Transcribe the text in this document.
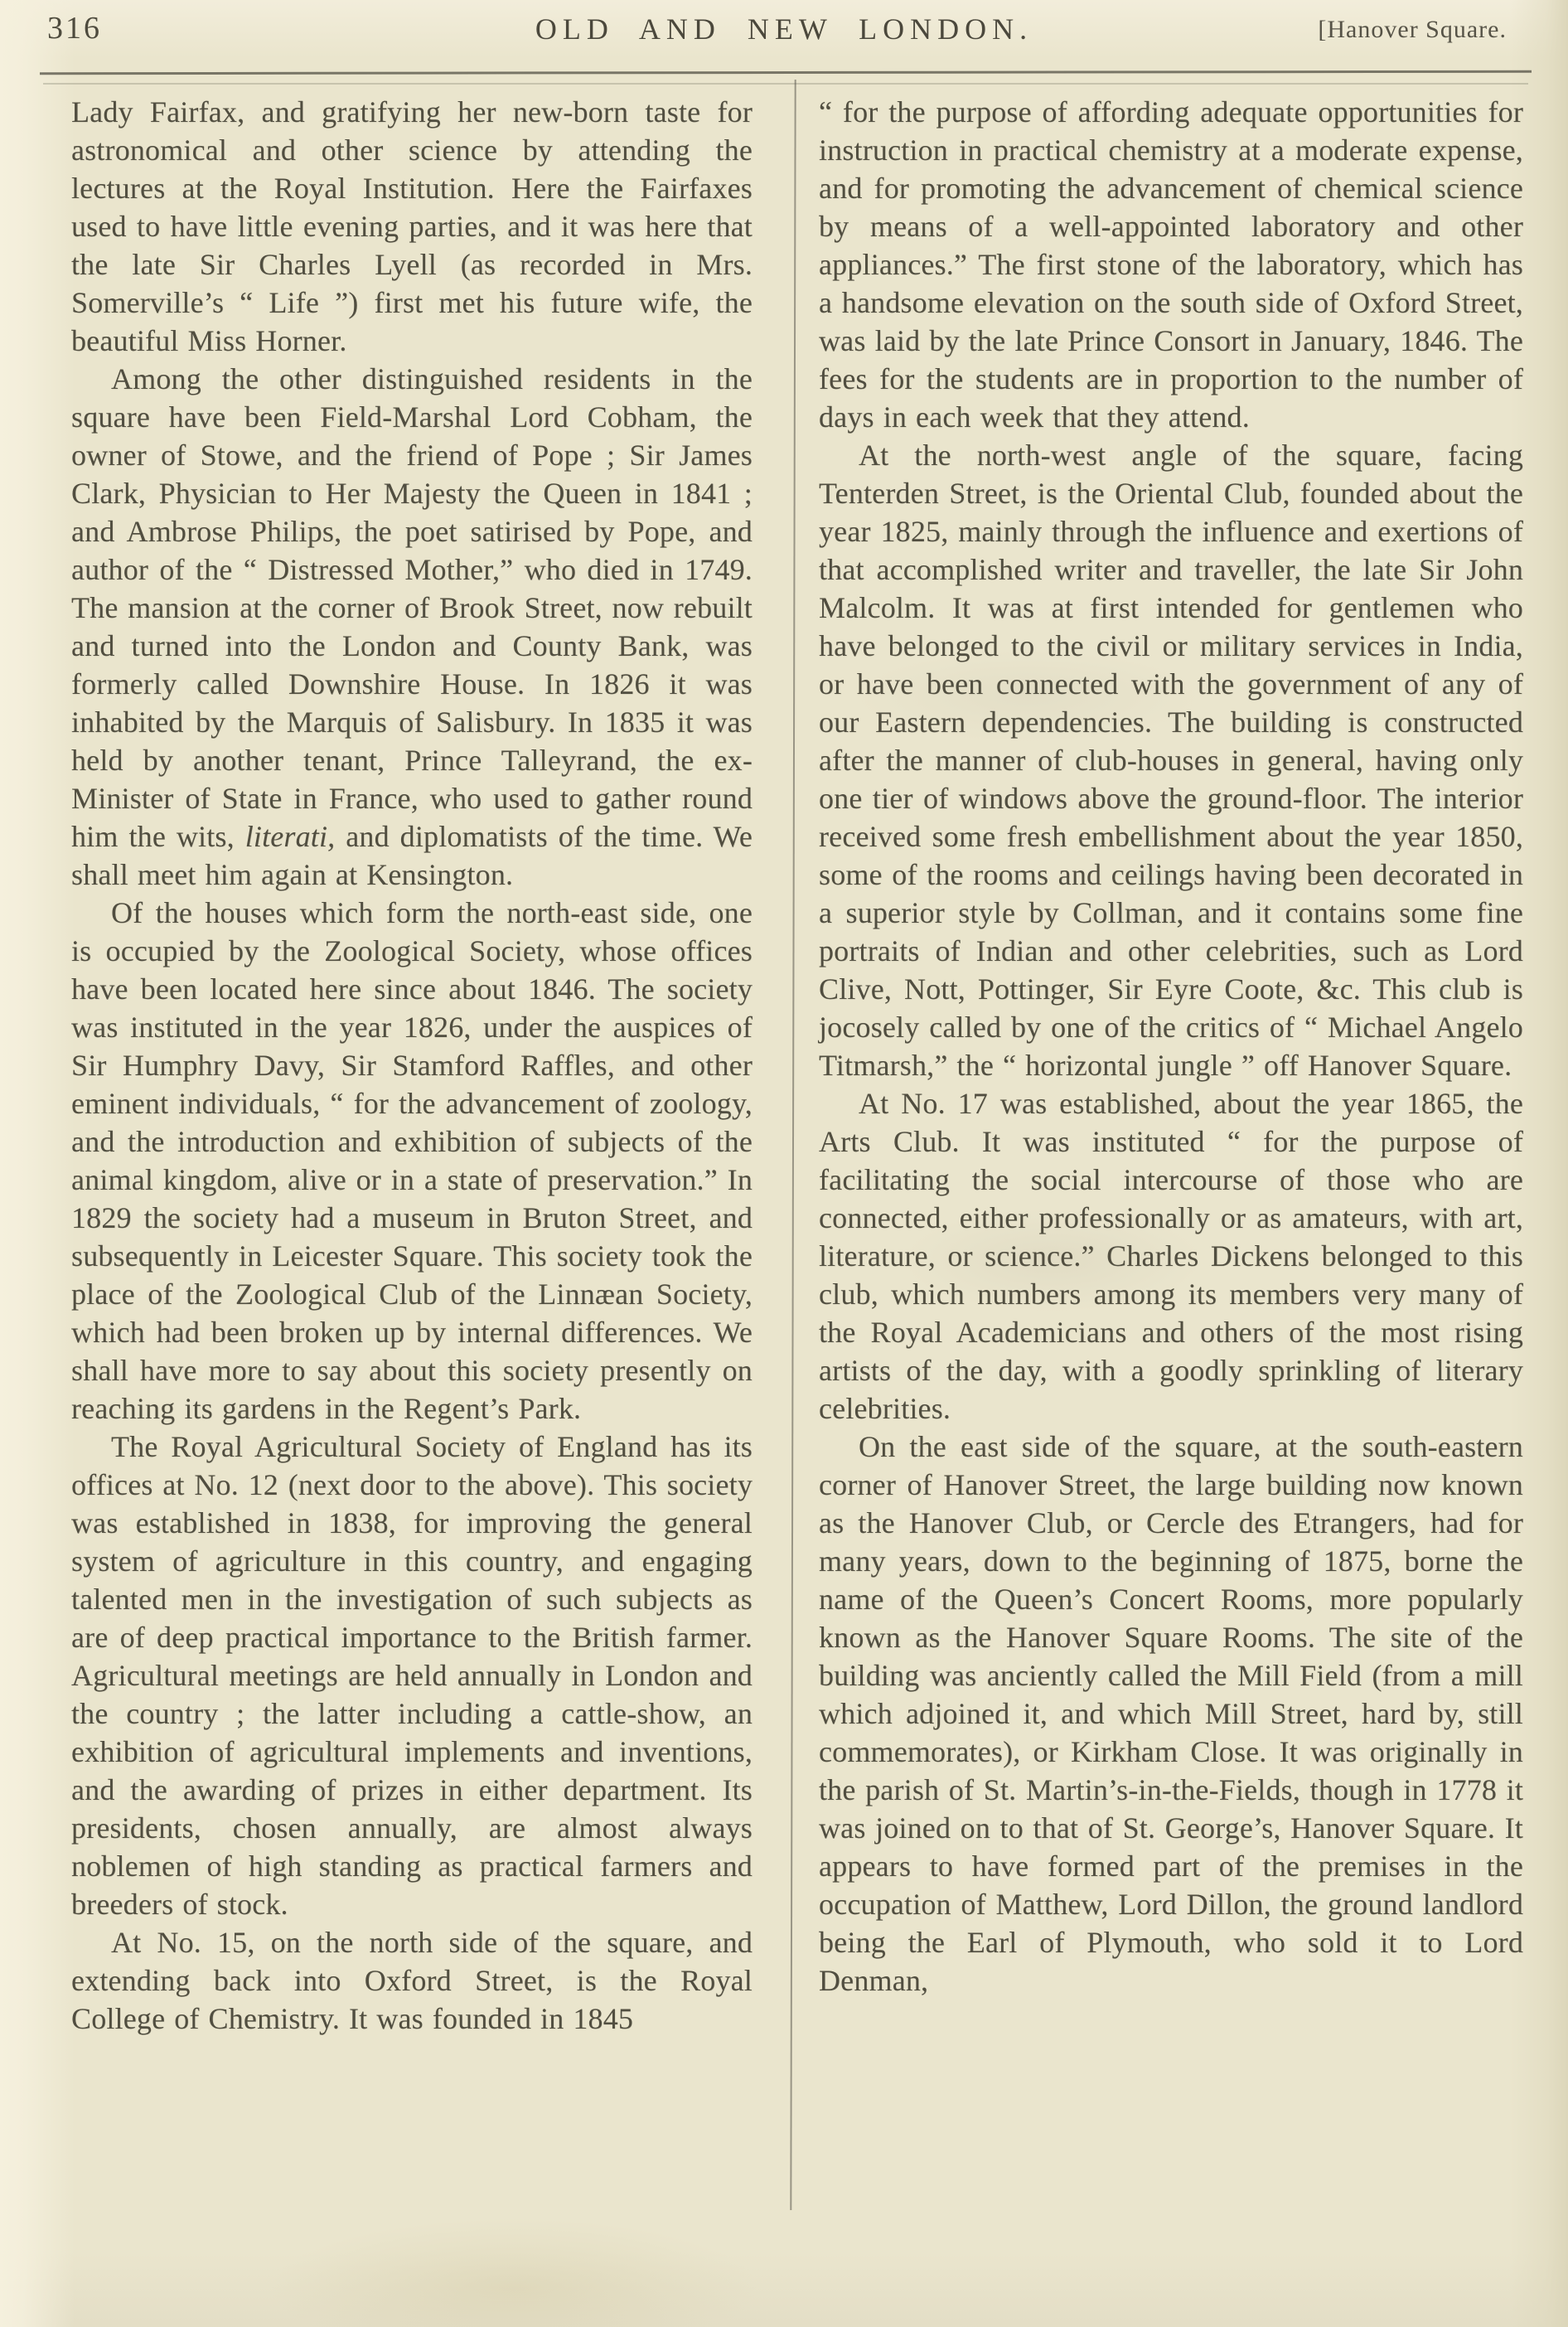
316	OLD AND NEW LONDON.	[Hanover Square.

Lady Fairfax, and gratifying her new-born taste for astronomical and other science by attending the lectures at the Royal Institution. Here the Fairfaxes used to have little evening parties, and it was here that the late Sir Charles Lyell (as recorded in Mrs. Somerville’s “ Life ”) first met his future wife, the beautiful Miss Horner.

Among the other distinguished residents in the square have been Field-Marshal Lord Cobham, the owner of Stowe, and the friend of Pope ; Sir James Clark, Physician to Her Majesty the Queen in 1841 ; and Ambrose Philips, the poet satirised by Pope, and author of the “ Distressed Mother,” who died in 1749. The mansion at the corner of Brook Street, now rebuilt and turned into the London and County Bank, was formerly called Downshire House. In 1826 it was inhabited by the Marquis of Salisbury. In 1835 it was held by another tenant, Prince Talleyrand, the ex-Minister of State in France, who used to gather round him the wits, literati, and diplomatists of the time. We shall meet him again at Kensington.

Of the houses which form the north-east side, one is occupied by the Zoological Society, whose offices have been located here since about 1846. The society was instituted in the year 1826, under the auspices of Sir Humphry Davy, Sir Stamford Raffles, and other eminent individuals, “ for the advancement of zoology, and the introduction and exhibition of subjects of the animal kingdom, alive or in a state of preservation.” In 1829 the society had a museum in Bruton Street, and subsequently in Leicester Square. This society took the place of the Zoological Club of the Linnæan Society, which had been broken up by internal differences. We shall have more to say about this society presently on reaching its gardens in the Regent’s Park.

The Royal Agricultural Society of England has its offices at No. 12 (next door to the above). This society was established in 1838, for improving the general system of agriculture in this country, and engaging talented men in the investigation of such subjects as are of deep practical importance to the British farmer. Agricultural meetings are held annually in London and the country ; the latter including a cattle-show, an exhibition of agricultural implements and inventions, and the awarding of prizes in either department. Its presidents, chosen annually, are almost always noblemen of high standing as practical farmers and breeders of stock.

At No. 15, on the north side of the square, and extending back into Oxford Street, is the Royal College of Chemistry. It was founded in 1845

“ for the purpose of affording adequate opportunities for instruction in practical chemistry at a moderate expense, and for promoting the advancement of chemical science by means of a well-appointed laboratory and other appliances.” The first stone of the laboratory, which has a handsome elevation on the south side of Oxford Street, was laid by the late Prince Consort in January, 1846. The fees for the students are in proportion to the number of days in each week that they attend.

At the north-west angle of the square, facing Tenterden Street, is the Oriental Club, founded about the year 1825, mainly through the influence and exertions of that accomplished writer and traveller, the late Sir John Malcolm. It was at first intended for gentlemen who have belonged to the civil or military services in India, or have been connected with the government of any of our Eastern dependencies. The building is constructed after the manner of club-houses in general, having only one tier of windows above the ground-floor. The interior received some fresh embellishment about the year 1850, some of the rooms and ceilings having been decorated in a superior style by Collman, and it contains some fine portraits of Indian and other celebrities, such as Lord Clive, Nott, Pottinger, Sir Eyre Coote, &c. This club is jocosely called by one of the critics of “ Michael Angelo Titmarsh,” the “ horizontal jungle ” off Hanover Square.

At No. 17 was established, about the year 1865, the Arts Club. It was instituted “ for the purpose of facilitating the social intercourse of those who are connected, either professionally or as amateurs, with art, literature, or science.” Charles Dickens belonged to this club, which numbers among its members very many of the Royal Academicians and others of the most rising artists of the day, with a goodly sprinkling of literary celebrities.

On the east side of the square, at the south-eastern corner of Hanover Street, the large building now known as the Hanover Club, or Cercle des Etrangers, had for many years, down to the beginning of 1875, borne the name of the Queen’s Concert Rooms, more popularly known as the Hanover Square Rooms. The site of the building was anciently called the Mill Field (from a mill which adjoined it, and which Mill Street, hard by, still commemorates), or Kirkham Close. It was originally in the parish of St. Martin’s-in-the-Fields, though in 1778 it was joined on to that of St. George’s, Hanover Square. It appears to have formed part of the premises in the occupation of Matthew, Lord Dillon, the ground landlord being the Earl of Plymouth, who sold it to Lord Denman,
